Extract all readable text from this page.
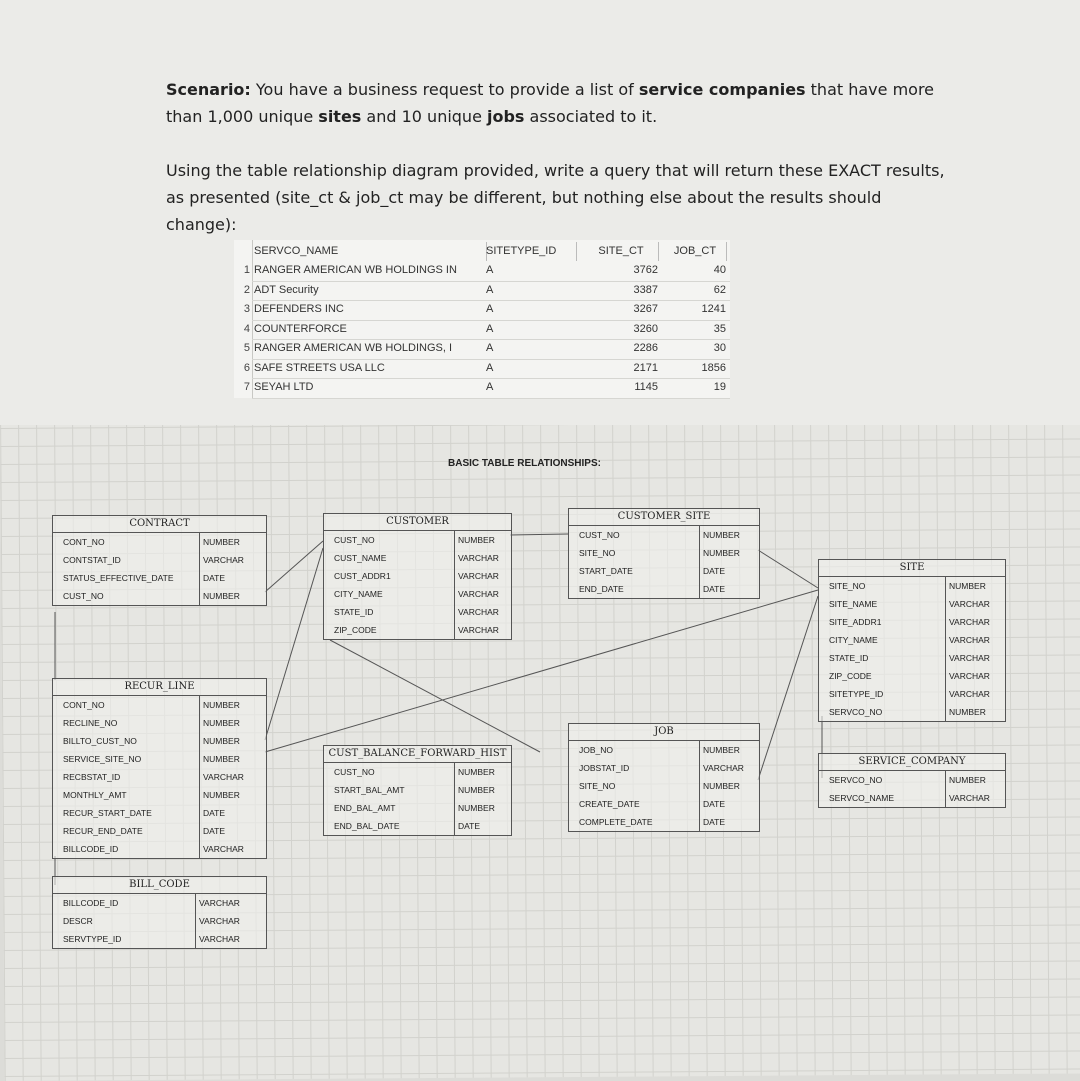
Scenario: You have a business request to provide a list of service companies that have more than 1,000 unique sites and 10 unique jobs associated to it.
Using the table relationship diagram provided, write a query that will return these EXACT results, as presented (site_ct & job_ct may be different, but nothing else about the results should change):
SERVCO_NAME	SITETYPE_ID	SITE_CT	JOB_CT
1 RANGER AMERICAN WB HOLDINGS IN	A	3762	40
2 ADT Security	A	3387	62
3 DEFENDERS INC	A	3267	1241
4 COUNTERFORCE	A	3260	35
5 RANGER AMERICAN WB HOLDINGS, I	A	2286	30
6 SAFE STREETS USA LLC	A	2171	1856
7 SEYAH LTD	A	1145	19
BASIC TABLE RELATIONSHIPS:
CONTRACT
CONT_NO	NUMBER
CONTSTAT_ID	VARCHAR
STATUS_EFFECTIVE_DATE	DATE
CUST_NO	NUMBER
CUSTOMER
CUST_NO	NUMBER
CUST_NAME	VARCHAR
CUST_ADDR1	VARCHAR
CITY_NAME	VARCHAR
STATE_ID	VARCHAR
ZIP_CODE	VARCHAR
CUSTOMER_SITE
CUST_NO	NUMBER
SITE_NO	NUMBER
START_DATE	DATE
END_DATE	DATE
SITE
SITE_NO	NUMBER
SITE_NAME	VARCHAR
SITE_ADDR1	VARCHAR
CITY_NAME	VARCHAR
STATE_ID	VARCHAR
ZIP_CODE	VARCHAR
SITETYPE_ID	VARCHAR
SERVCO_NO	NUMBER
RECUR_LINE
CONT_NO	NUMBER
RECLINE_NO	NUMBER
BILLTO_CUST_NO	NUMBER
SERVICE_SITE_NO	NUMBER
RECBSTAT_ID	VARCHAR
MONTHLY_AMT	NUMBER
RECUR_START_DATE	DATE
RECUR_END_DATE	DATE
BILLCODE_ID	VARCHAR
CUST_BALANCE_FORWARD_HIST
CUST_NO	NUMBER
START_BAL_AMT	NUMBER
END_BAL_AMT	NUMBER
END_BAL_DATE	DATE
JOB
JOB_NO	NUMBER
JOBSTAT_ID	VARCHAR
SITE_NO	NUMBER
CREATE_DATE	DATE
COMPLETE_DATE	DATE
SERVICE_COMPANY
SERVCO_NO	NUMBER
SERVCO_NAME	VARCHAR
BILL_CODE
BILLCODE_ID	VARCHAR
DESCR	VARCHAR
SERVTYPE_ID	VARCHAR
